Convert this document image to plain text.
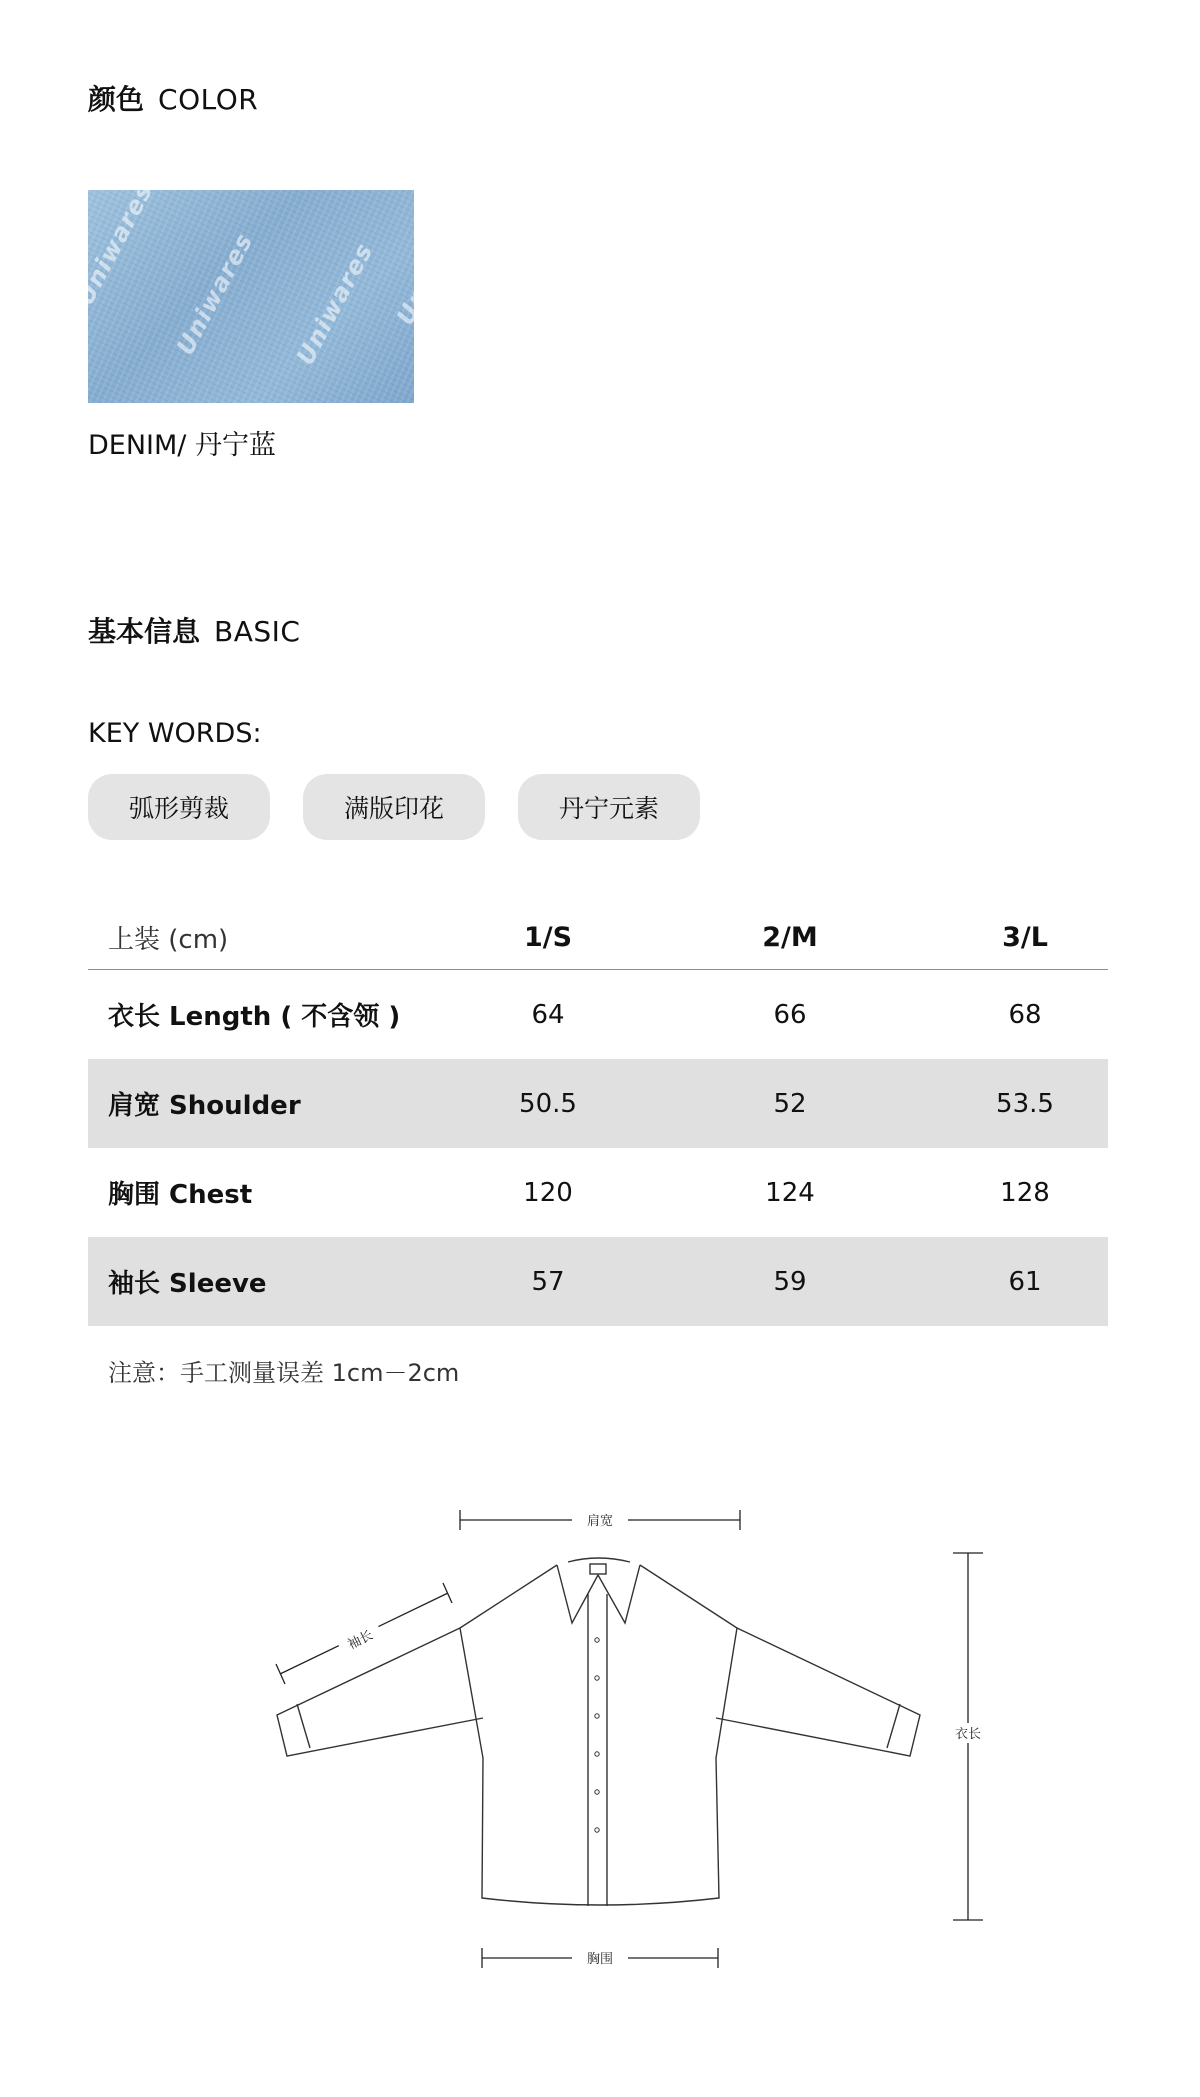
颜色 COLOR
Uniwares Uniwares
Uniwares	Uniwares
DENIM/ 丹宁蓝
基本信息 BASIC
KEY WORDS:
弧形剪裁	满版印花	丹宁元素
上装 (cm)	1/S	2/M	3/L
衣长 Length ( 不含领 )	64	66	68
肩宽 Shoulder	50.5	52	53.5
胸围 Chest	120	124	128
袖长 Sleeve	57	59	61
注意：手工测量误差 1cm－2cm
肩宽
袖长
衣长
胸围
